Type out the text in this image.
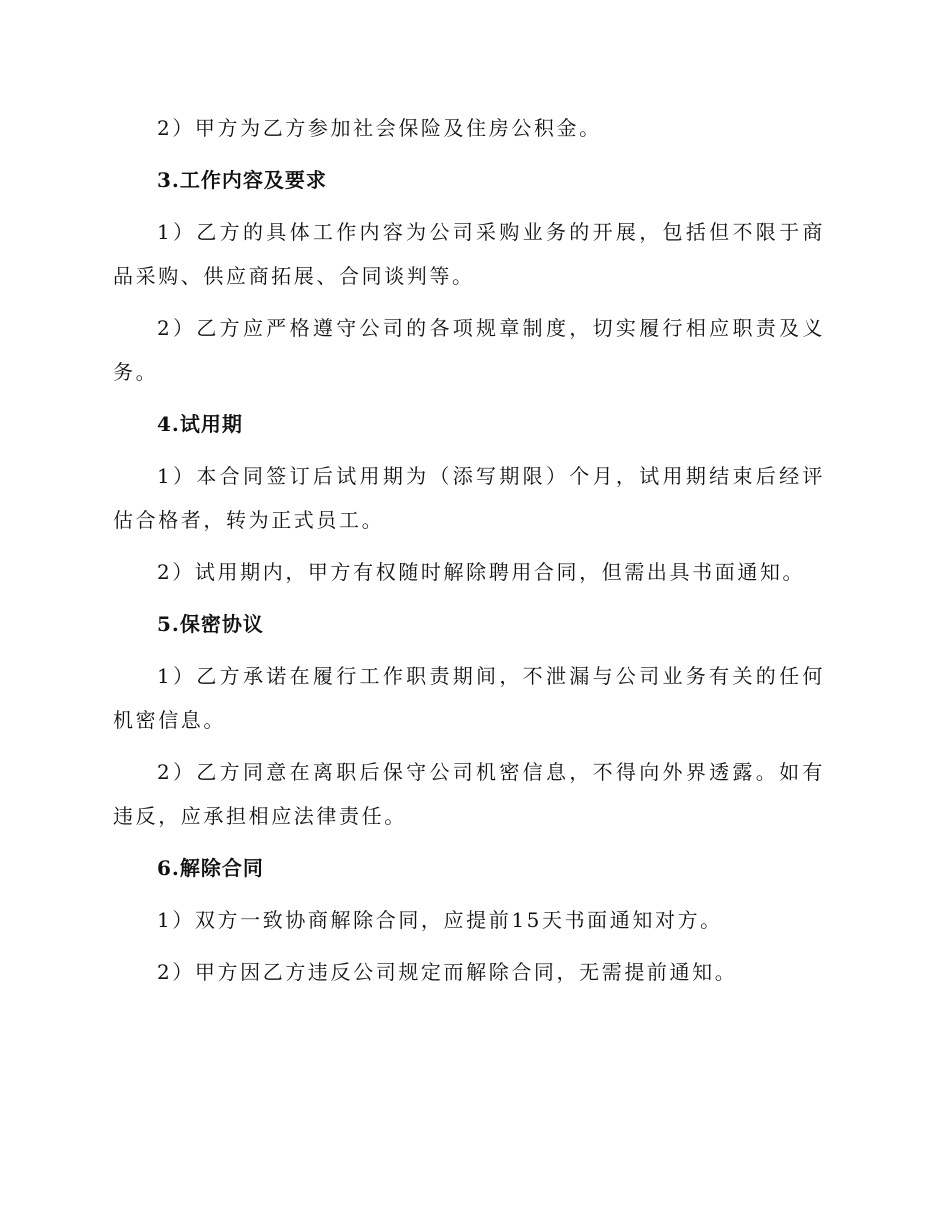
2）甲方为乙方参加社会保险及住房公积金。

3.工作内容及要求

1）乙方的具体工作内容为公司采购业务的开展，包括但不限于商品采购、供应商拓展、合同谈判等。

2）乙方应严格遵守公司的各项规章制度，切实履行相应职责及义务。

4.试用期

1）本合同签订后试用期为（添写期限）个月，试用期结束后经评估合格者，转为正式员工。

2）试用期内，甲方有权随时解除聘用合同，但需出具书面通知。

5.保密协议

1）乙方承诺在履行工作职责期间，不泄漏与公司业务有关的任何机密信息。

2）乙方同意在离职后保守公司机密信息，不得向外界透露。如有违反，应承担相应法律责任。

6.解除合同

1）双方一致协商解除合同，应提前15天书面通知对方。

2）甲方因乙方违反公司规定而解除合同，无需提前通知。
